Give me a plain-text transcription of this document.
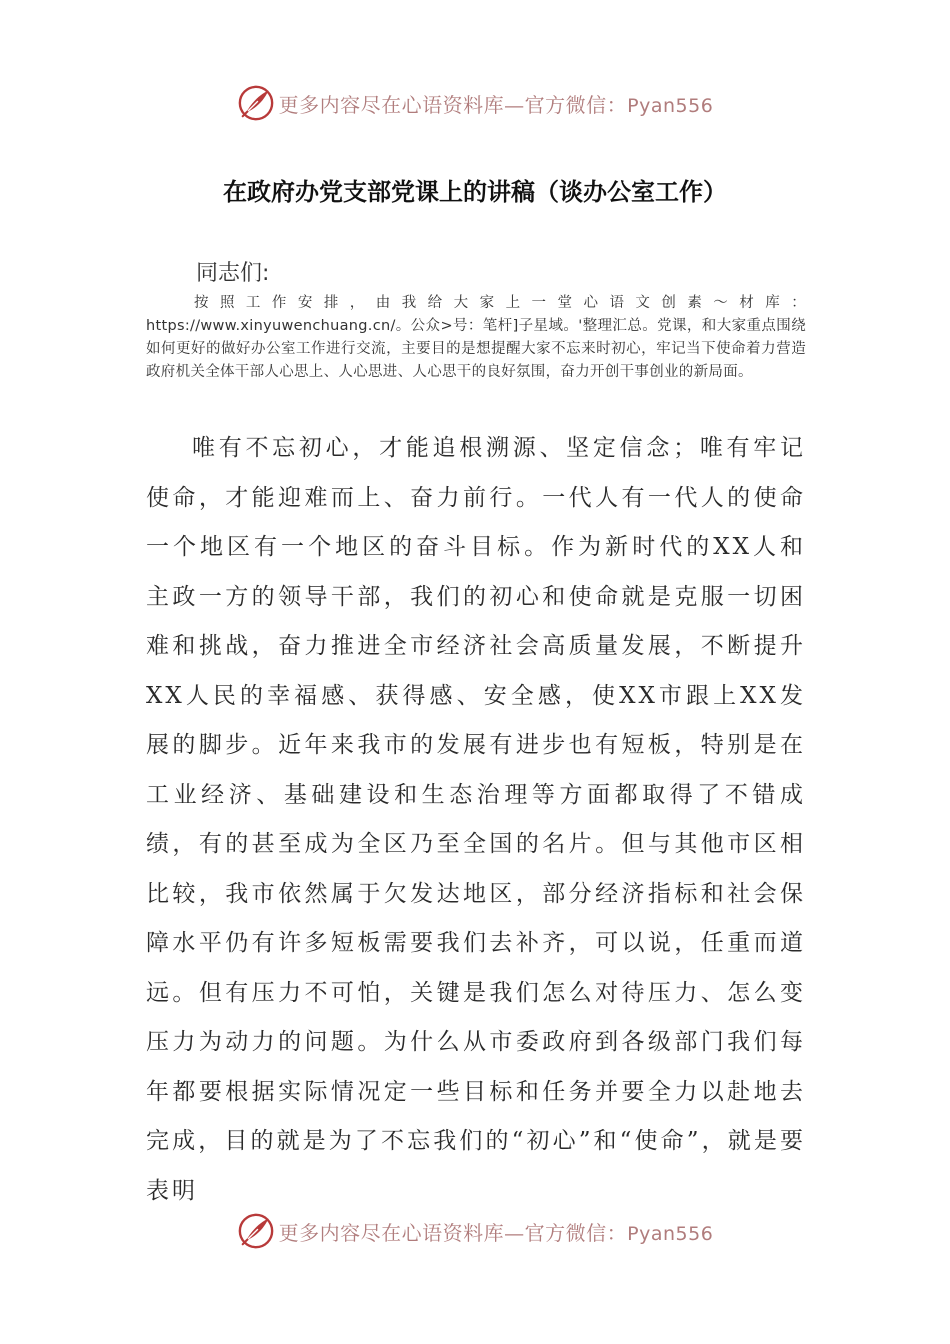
更多内容尽在心语资料库—官方微信：Pyan556
在政府办党支部党课上的讲稿（谈办公室工作）

同志们:

按照工作安排，由我给大家上一堂心语文创素～材库：https://www.xinyuwenchuang.cn/。公众>号：笔杆]子星域。'整理汇总。党课，和大家重点围绕如何更好的做好办公室工作进行交流，主要目的是想提醒大家不忘来时初心，牢记当下使命着力营造政府机关全体干部人心思上、人心思进、人心思干的良好氛围，奋力开创干事创业的新局面。

唯有不忘初心，才能追根溯源、坚定信念；唯有牢记使命，才能迎难而上、奋力前行。一代人有一代人的使命一个地区有一个地区的奋斗目标。作为新时代的XX人和主政一方的领导干部，我们的初心和使命就是克服一切困难和挑战，奋力推进全市经济社会高质量发展，不断提升XX人民的幸福感、获得感、安全感，使XX市跟上XX发展的脚步。近年来我市的发展有进步也有短板，特别是在工业经济、基础建设和生态治理等方面都取得了不错成绩，有的甚至成为全区乃至全国的名片。但与其他市区相比较，我市依然属于欠发达地区，部分经济指标和社会保障水平仍有许多短板需要我们去补齐，可以说，任重而道远。但有压力不可怕，关键是我们怎么对待压力、怎么变压力为动力的问题。为什么从市委政府到各级部门我们每年都要根据实际情况定一些目标和任务并要全力以赴地去完成，目的就是为了不忘我们的“初心”和“使命”，就是要表明

更多内容尽在心语资料库—官方微信：Pyan556
